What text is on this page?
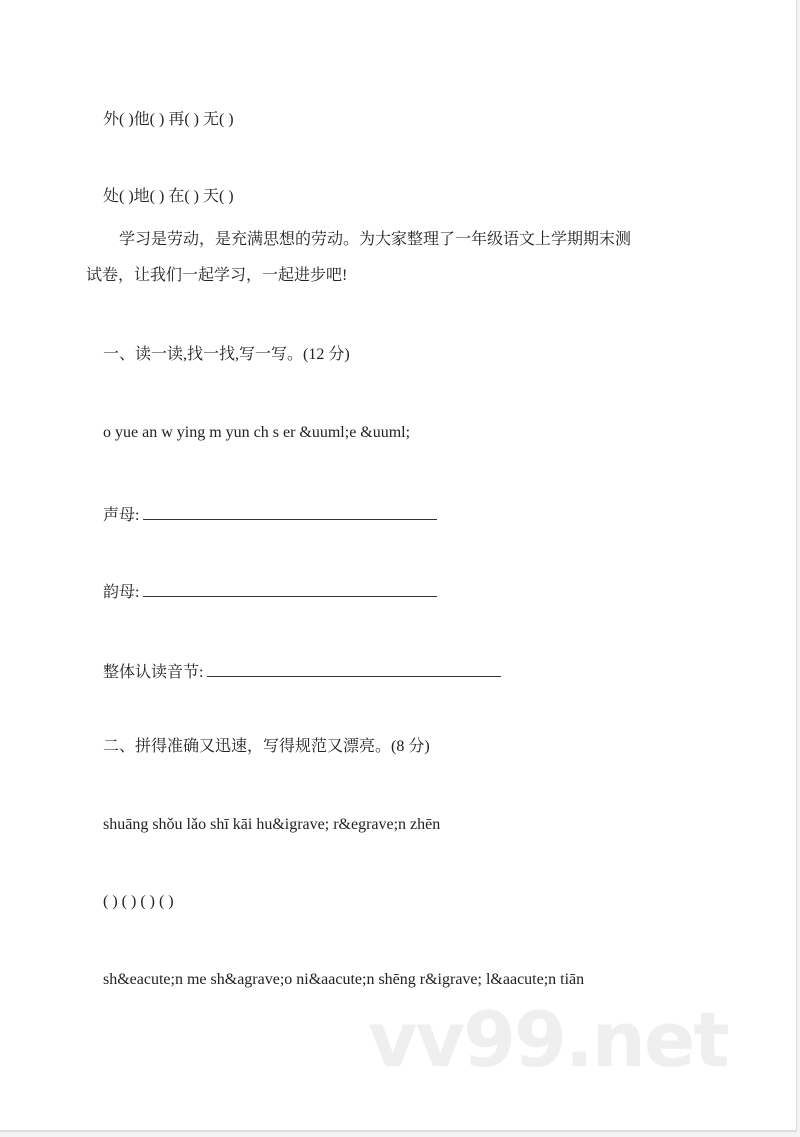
外( )他( ) 再( ) 无( )
处( )地( ) 在( ) 天( )
学习是劳动，是充满思想的劳动。为大家整理了一年级语文上学期期末测
试卷，让我们一起学习，一起进步吧!
一、读一读,找一找,写一写。(12 分)
o yue an w ying m yun ch s er &uuml;e &uuml;
声母:
韵母:
整体认读音节:
二、拼得准确又迅速，写得规范又漂亮。(8 分)
shuāng shǒu lǎo shī kāi hu&igrave; r&egrave;n zhēn
( ) ( ) ( ) ( )
sh&eacute;n me sh&agrave;o ni&aacute;n shēng r&igrave; l&aacute;n tiān
vv99.net
